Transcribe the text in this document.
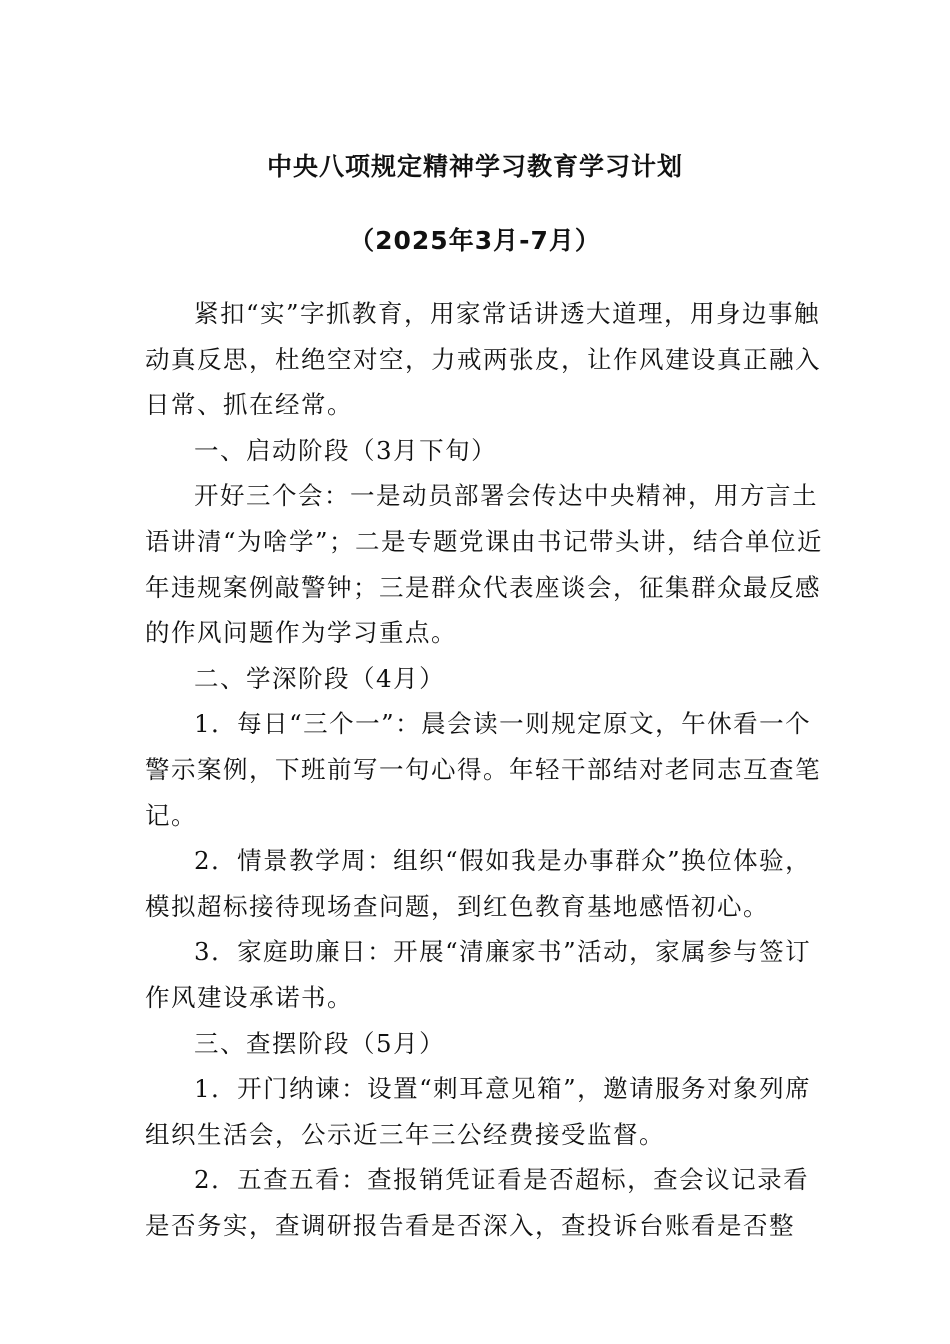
中央八项规定精神学习教育学习计划
（2025年3月-7月）

紧扣“实”字抓教育，用家常话讲透大道理，用身边事触动真反思，杜绝空对空，力戒两张皮，让作风建设真正融入日常、抓在经常。

一、启动阶段（3月下旬）

开好三个会：一是动员部署会传达中央精神，用方言土语讲清“为啥学”；二是专题党课由书记带头讲，结合单位近年违规案例敲警钟；三是群众代表座谈会，征集群众最反感的作风问题作为学习重点。

二、学深阶段（4月）

1．每日“三个一”：晨会读一则规定原文，午休看一个警示案例，下班前写一句心得。年轻干部结对老同志互查笔记。

2．情景教学周：组织“假如我是办事群众”换位体验，模拟超标接待现场查问题，到红色教育基地感悟初心。

3．家庭助廉日：开展“清廉家书”活动，家属参与签订作风建设承诺书。

三、查摆阶段（5月）

1．开门纳谏：设置“刺耳意见箱”，邀请服务对象列席组织生活会，公示近三年三公经费接受监督。

2．五查五看：查报销凭证看是否超标，查会议记录看是否务实，查调研报告看是否深入，查投诉台账看是否整
